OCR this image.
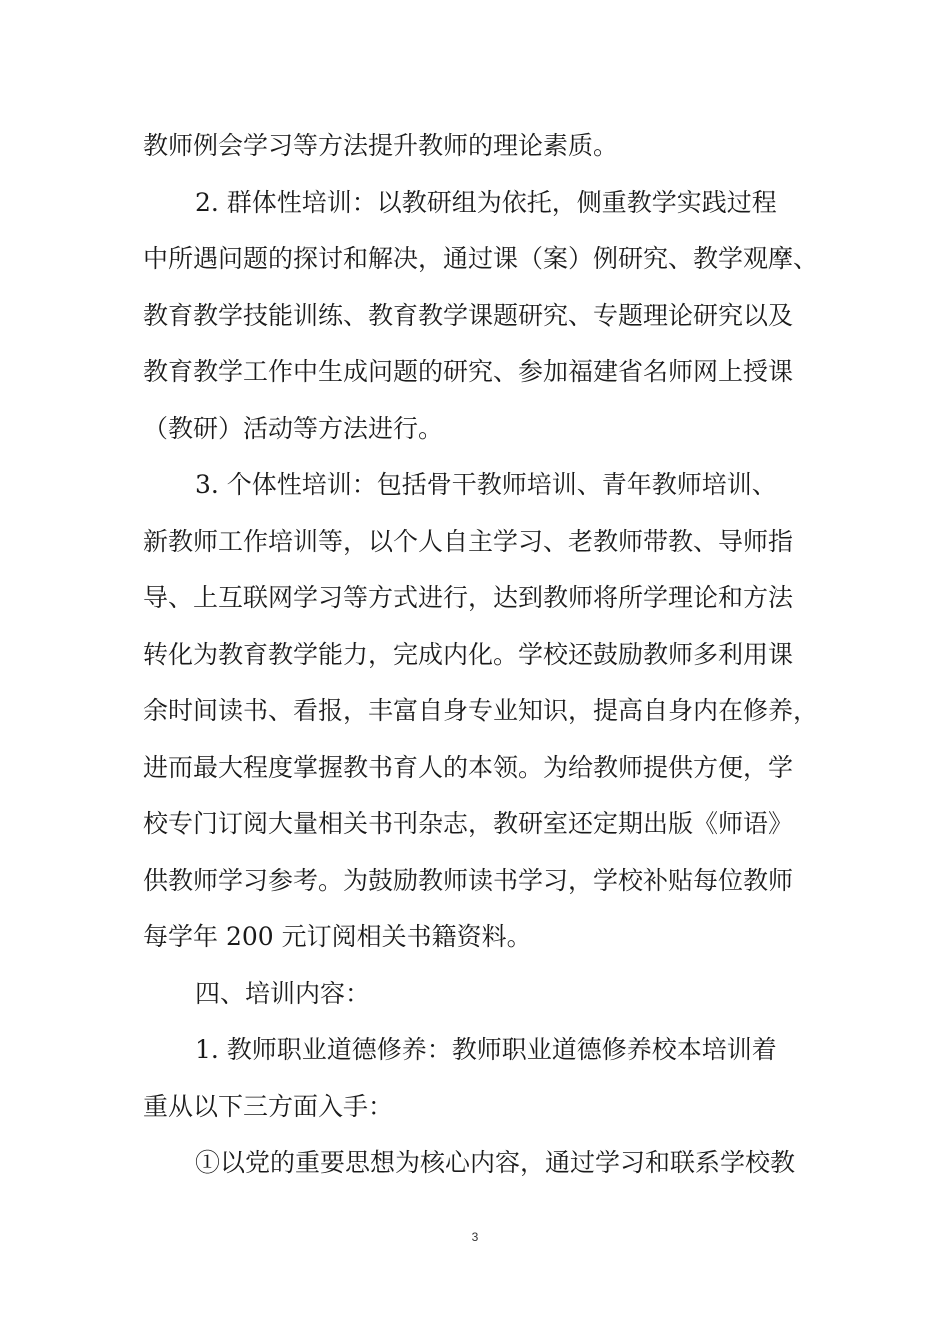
教师例会学习等方法提升教师的理论素质。
2. 群体性培训：以教研组为依托，侧重教学实践过程
中所遇问题的探讨和解决，通过课（案）例研究、教学观摩、
教育教学技能训练、教育教学课题研究、专题理论研究以及
教育教学工作中生成问题的研究、参加福建省名师网上授课
（教研）活动等方法进行。
3. 个体性培训：包括骨干教师培训、青年教师培训、
新教师工作培训等，以个人自主学习、老教师带教、导师指
导、上互联网学习等方式进行，达到教师将所学理论和方法
转化为教育教学能力，完成内化。学校还鼓励教师多利用课
余时间读书、看报，丰富自身专业知识，提高自身内在修养，
进而最大程度掌握教书育人的本领。为给教师提供方便，学
校专门订阅大量相关书刊杂志，教研室还定期出版《师语》
供教师学习参考。为鼓励教师读书学习，学校补贴每位教师
每学年 200 元订阅相关书籍资料。
四、培训内容：
1. 教师职业道德修养：教师职业道德修养校本培训着
重从以下三方面入手：
①以党的重要思想为核心内容，通过学习和联系学校教
3
